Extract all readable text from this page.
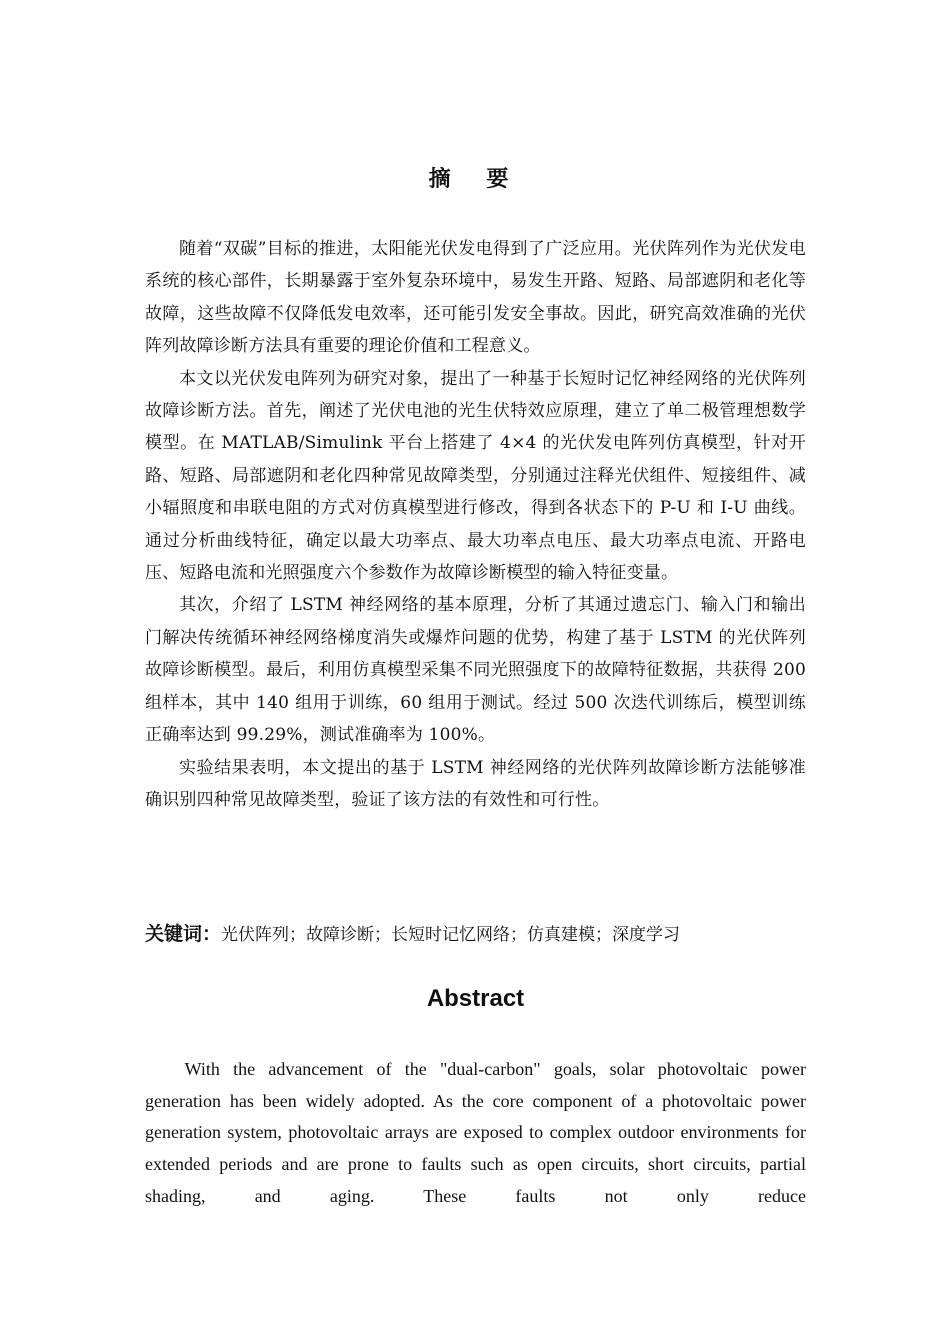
摘 要

随着“双碳”目标的推进，太阳能光伏发电得到了广泛应用。光伏阵列作为光伏发电系统的核心部件，长期暴露于室外复杂环境中，易发生开路、短路、局部遮阴和老化等故障，这些故障不仅降低发电效率，还可能引发安全事故。因此，研究高效准确的光伏阵列故障诊断方法具有重要的理论价值和工程意义。

本文以光伏发电阵列为研究对象，提出了一种基于长短时记忆神经网络的光伏阵列故障诊断方法。首先，阐述了光伏电池的光生伏特效应原理，建立了单二极管理想数学模型。在 MATLAB/Simulink 平台上搭建了 4×4 的光伏发电阵列仿真模型，针对开路、短路、局部遮阴和老化四种常见故障类型，分别通过注释光伏组件、短接组件、减小辐照度和串联电阻的方式对仿真模型进行修改，得到各状态下的 P-U 和 I-U 曲线。通过分析曲线特征，确定以最大功率点、最大功率点电压、最大功率点电流、开路电压、短路电流和光照强度六个参数作为故障诊断模型的输入特征变量。

其次，介绍了 LSTM 神经网络的基本原理，分析了其通过遗忘门、输入门和输出门解决传统循环神经网络梯度消失或爆炸问题的优势，构建了基于 LSTM 的光伏阵列故障诊断模型。最后，利用仿真模型采集不同光照强度下的故障特征数据，共获得 200 组样本，其中 140 组用于训练，60 组用于测试。经过 500 次迭代训练后，模型训练正确率达到 99.29%，测试准确率为 100%。

实验结果表明，本文提出的基于 LSTM 神经网络的光伏阵列故障诊断方法能够准确识别四种常见故障类型，验证了该方法的有效性和可行性。

关键词：光伏阵列；故障诊断；长短时记忆网络；仿真建模；深度学习
Abstract

With the advancement of the "dual-carbon" goals, solar photovoltaic power generation has been widely adopted. As the core component of a photovoltaic power generation system, photovoltaic arrays are exposed to complex outdoor environments for extended periods and are prone to faults such as open circuits, short circuits, partial shading, and aging. These faults not only reduce
